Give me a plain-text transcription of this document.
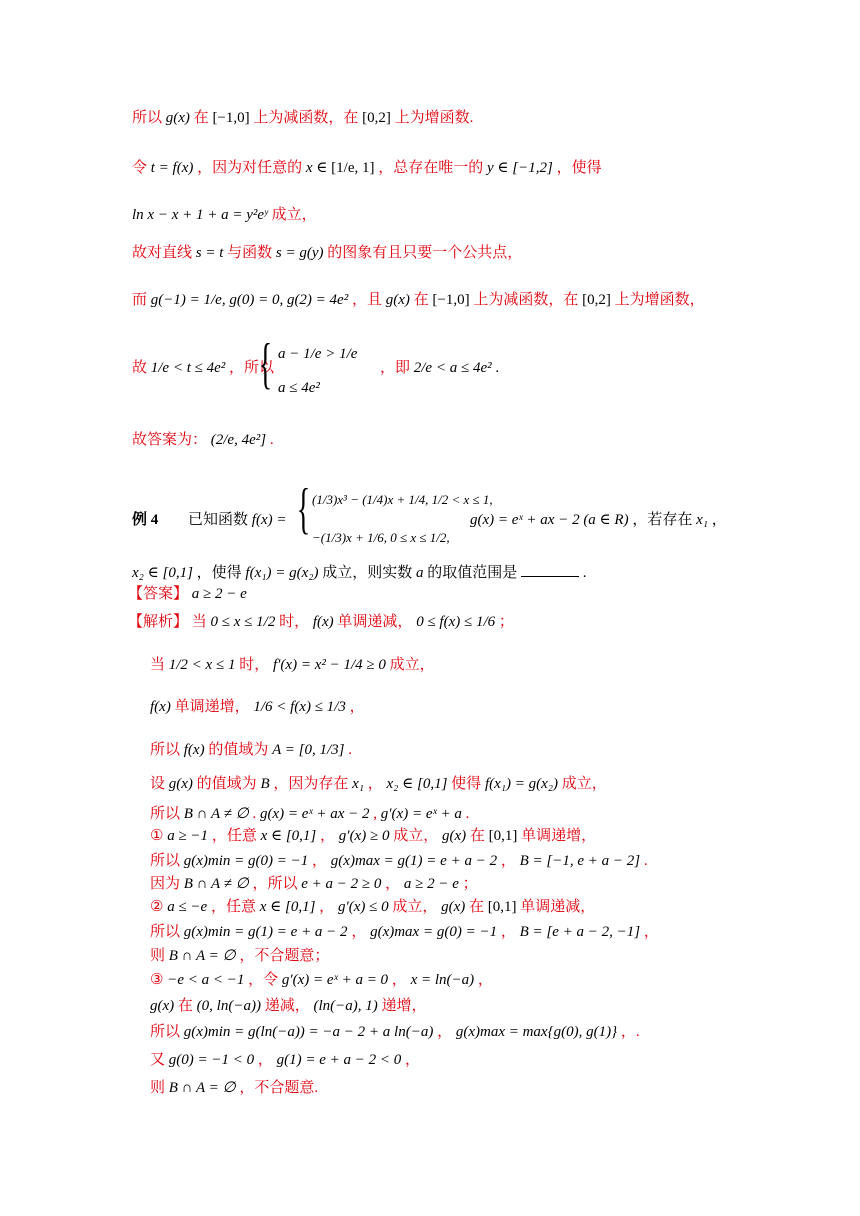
所以 g(x) 在 [−1,0] 上为减函数，在 [0,2] 上为增函数.
令 t = f(x) ，因为对任意的 x ∈ [1/e, 1] ，总存在唯一的 y ∈ [−1,2] ，使得
ln x − x + 1 + a = y²eʸ 成立，
故对直线 s = t 与函数 s = g(y) 的图象有且只要一个公共点，
而 g(−1) = 1/e, g(0) = 0, g(2) = 4e² ，且 g(x) 在 [−1,0] 上为减函数，在 [0,2] 上为增函数，
故 1/e < t ≤ 4e² ，所以
{ a − 1/e > 1/e
a ≤ 4e²
，即 2/e < a ≤ 4e² .
故答案为： (2/e, 4e²] .
例 4 已知函数 f(x) = { (1/3)x³ − (1/4)x + 1/4, 1/2 < x ≤ 1,
−(1/3)x + 1/6, 0 ≤ x ≤ 1/2,
g(x) = eˣ + ax − 2 (a ∈ R) ，若存在 x₁ ，
x₂ ∈ [0,1] ，使得 f(x₁) = g(x₂) 成立，则实数 a 的取值范围是	.
【答案】 a ≥ 2 − e
【解析】 当 0 ≤ x ≤ 1/2 时， f(x) 单调递减， 0 ≤ f(x) ≤ 1/6 ；
当 1/2 < x ≤ 1 时， f′(x) = x² − 1/4 ≥ 0 成立，
f(x) 单调递增， 1/6 < f(x) ≤ 1/3 ，
所以 f(x) 的值域为 A = [0, 1/3] .
设 g(x) 的值域为 B ，因为存在 x₁ ， x₂ ∈ [0,1] 使得 f(x₁) = g(x₂) 成立，
所以 B ∩ A ≠ ∅ . g(x) = eˣ + ax − 2 , g′(x) = eˣ + a .
① a ≥ −1 ，任意 x ∈ [0,1] ， g′(x) ≥ 0 成立， g(x) 在 [0,1] 单调递增，
所以 g(x)min = g(0) = −1 ， g(x)max = g(1) = e + a − 2 ， B = [−1, e + a − 2] .
因为 B ∩ A ≠ ∅ ，所以 e + a − 2 ≥ 0 ， a ≥ 2 − e ；
② a ≤ −e ，任意 x ∈ [0,1] ， g′(x) ≤ 0 成立， g(x) 在 [0,1] 单调递减，
所以 g(x)min = g(1) = e + a − 2 ， g(x)max = g(0) = −1 ， B = [e + a − 2, −1] ，
则 B ∩ A = ∅ ，不合题意；
③ −e < a < −1 ，令 g′(x) = eˣ + a = 0 ， x = ln(−a) ，
g(x) 在 (0, ln(−a)) 递减， (ln(−a), 1) 递增，
所以 g(x)min = g(ln(−a)) = −a − 2 + a ln(−a) ， g(x)max = max{g(0), g(1)} ，.
又 g(0) = −1 < 0 ， g(1) = e + a − 2 < 0 ，
则 B ∩ A = ∅ ，不合题意.
